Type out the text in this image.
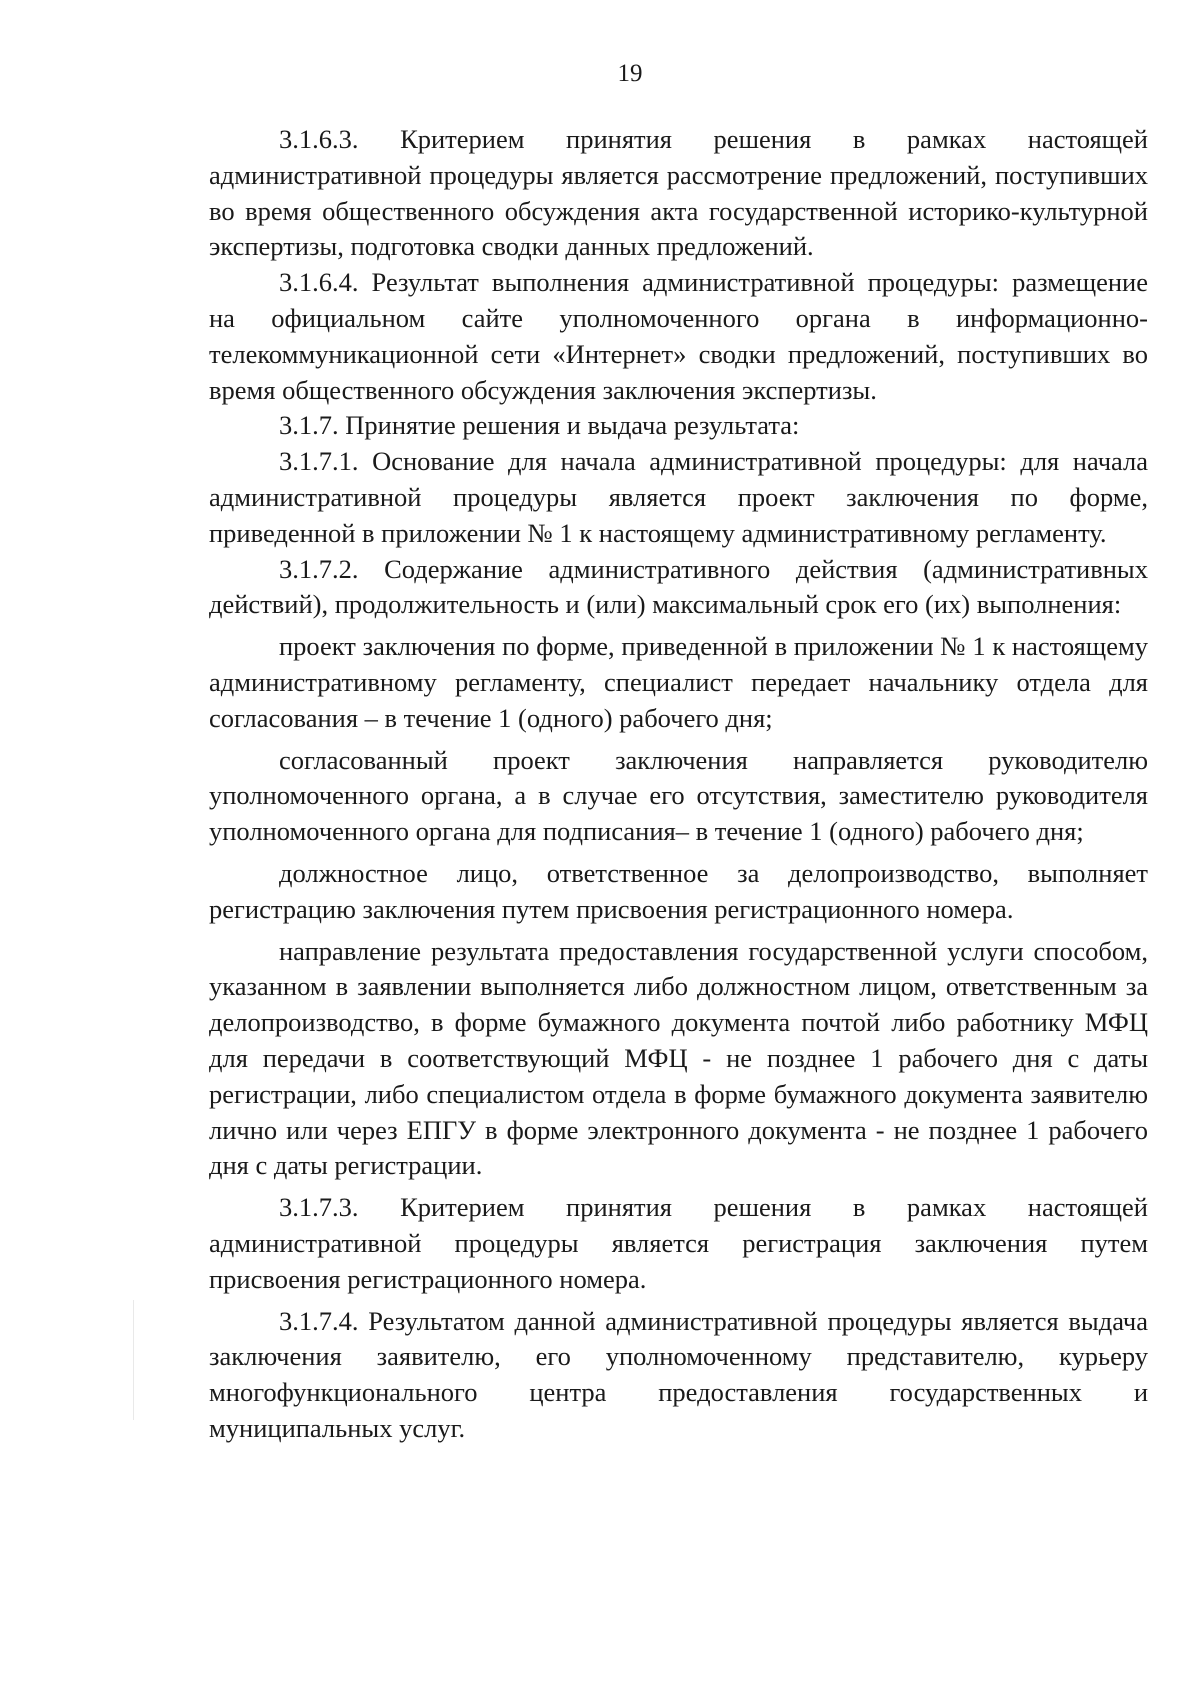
19

3.1.6.3. Критерием принятия решения в рамках настоящей административной процедуры является рассмотрение предложений, поступивших во время общественного обсуждения акта государственной историко-культурной экспертизы, подготовка сводки данных предложений.

3.1.6.4. Результат выполнения административной процедуры: размещение на официальном сайте уполномоченного органа в информационно-телекоммуникационной сети «Интернет» сводки предложений, поступивших во время общественного обсуждения заключения экспертизы.

3.1.7. Принятие решения и выдача результата:

3.1.7.1. Основание для начала административной процедуры: для начала административной процедуры является проект заключения по форме, приведенной в приложении № 1 к настоящему административному регламенту.

3.1.7.2. Содержание административного действия (административных действий), продолжительность и (или) максимальный срок его (их) выполнения:

проект заключения по форме, приведенной в приложении № 1 к настоящему административному регламенту, специалист передает начальнику отдела для согласования – в течение 1 (одного) рабочего дня;

согласованный проект заключения направляется руководителю уполномоченного органа, а в случае его отсутствия, заместителю руководителя уполномоченного органа для подписания– в течение 1 (одного) рабочего дня;

должностное лицо, ответственное за делопроизводство, выполняет регистрацию заключения путем присвоения регистрационного номера.

направление результата предоставления государственной услуги способом, указанном в заявлении выполняется либо должностном лицом, ответственным за делопроизводство, в форме бумажного документа почтой либо работнику МФЦ для передачи в соответствующий МФЦ - не позднее 1 рабочего дня с даты регистрации, либо специалистом отдела в форме бумажного документа заявителю лично или через ЕПГУ в форме электронного документа - не позднее 1 рабочего дня с даты регистрации.

3.1.7.3. Критерием принятия решения в рамках настоящей административной процедуры является регистрация заключения путем присвоения регистрационного номера.

3.1.7.4. Результатом данной административной процедуры является выдача заключения заявителю, его уполномоченному представителю, курьеру многофункционального центра предоставления государственных и муниципальных услуг.
